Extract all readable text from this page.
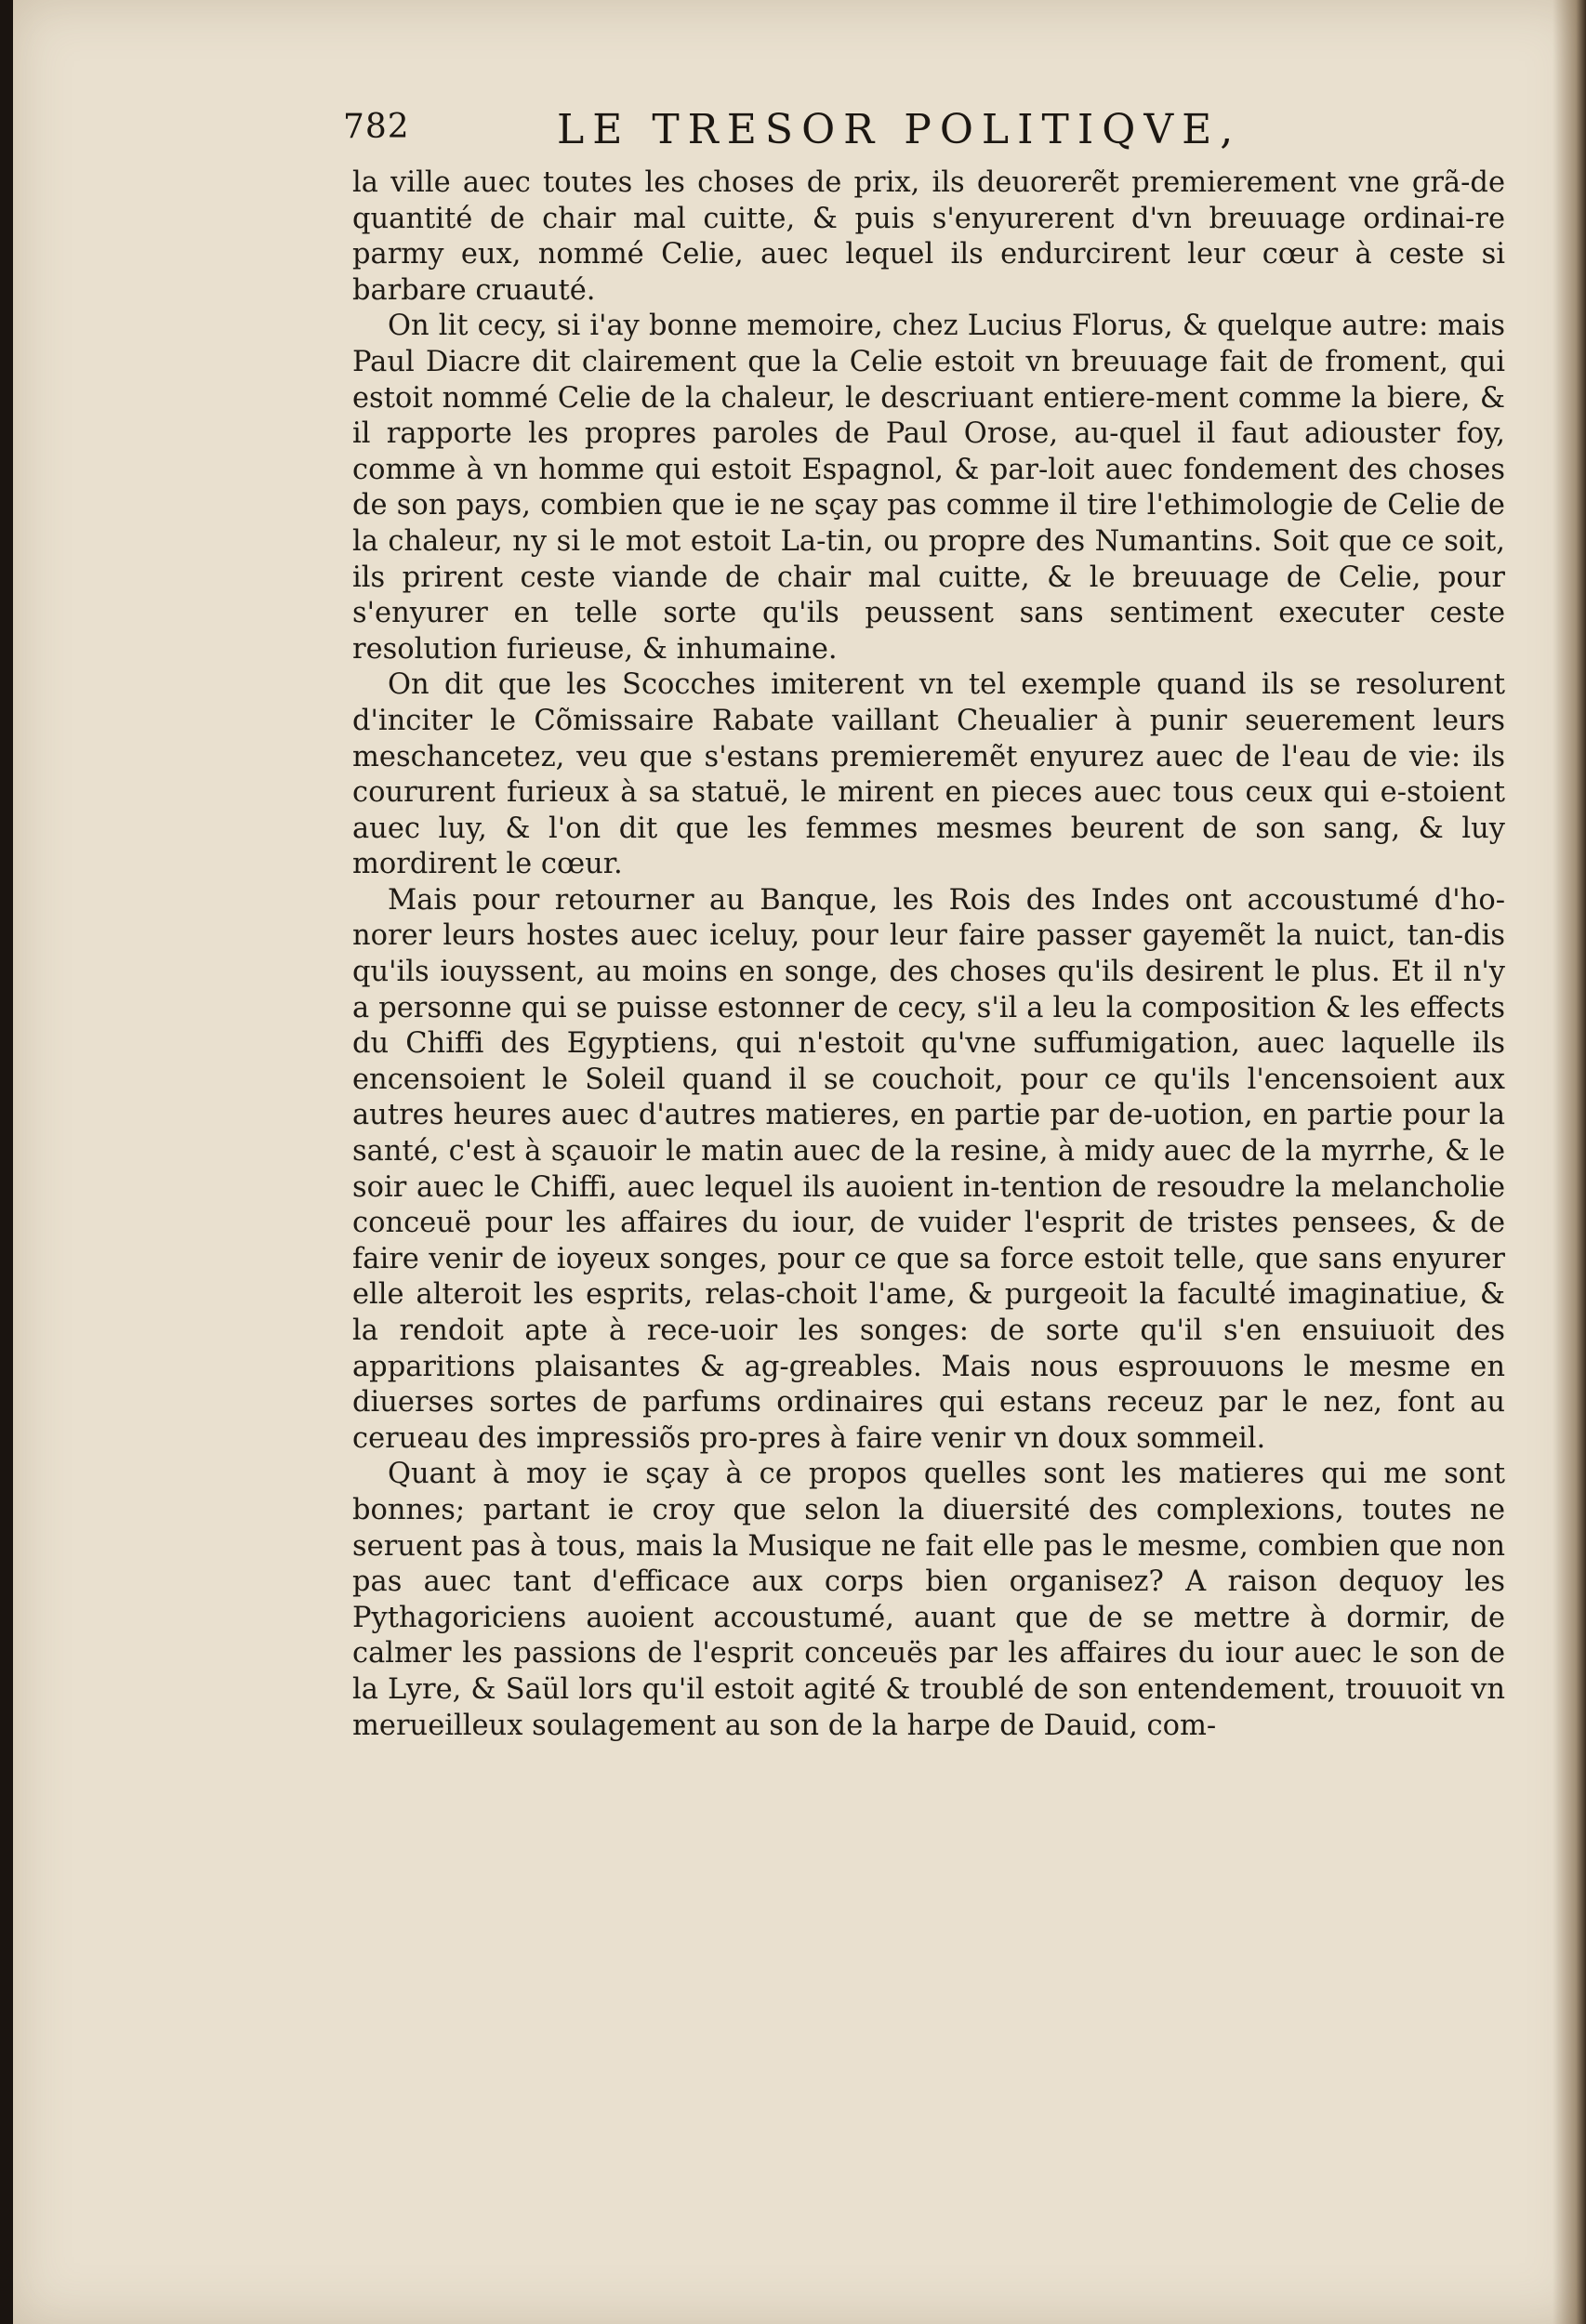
782	LE TRESOR POLITIQVE,

la ville auec toutes les choses de prix, ils deuorerẽt premierement vne grã-de quantité de chair mal cuitte, & puis s'enyurerent d'vn breuuage ordinai-re parmy eux, nommé Celie, auec lequel ils endurcirent leur cœur à ceste si barbare cruauté.

On lit cecy, si i'ay bonne memoire, chez Lucius Florus, & quelque autre: mais Paul Diacre dit clairement que la Celie estoit vn breuuage fait de froment, qui estoit nommé Celie de la chaleur, le descriuant entiere-ment comme la biere, & il rapporte les propres paroles de Paul Orose, au-quel il faut adiouster foy, comme à vn homme qui estoit Espagnol, & par-loit auec fondement des choses de son pays, combien que ie ne sçay pas comme il tire l'ethimologie de Celie de la chaleur, ny si le mot estoit La-tin, ou propre des Numantins. Soit que ce soit, ils prirent ceste viande de chair mal cuitte, & le breuuage de Celie, pour s'enyurer en telle sorte qu'ils peussent sans sentiment executer ceste resolution furieuse, & inhumaine.

On dit que les Scocches imiterent vn tel exemple quand ils se resolurent d'inciter le Cõmissaire Rabate vaillant Cheualier à punir seuerement leurs meschancetez, veu que s'estans premieremẽt enyurez auec de l'eau de vie: ils coururent furieux à sa statuë, le mirent en pieces auec tous ceux qui e-stoient auec luy, & l'on dit que les femmes mesmes beurent de son sang, & luy mordirent le cœur.

Mais pour retourner au Banque, les Rois des Indes ont accoustumé d'ho-norer leurs hostes auec iceluy, pour leur faire passer gayemẽt la nuict, tan-dis qu'ils iouyssent, au moins en songe, des choses qu'ils desirent le plus. Et il n'y a personne qui se puisse estonner de cecy, s'il a leu la composition & les effects du Chiffi des Egyptiens, qui n'estoit qu'vne suffumigation, auec laquelle ils encensoient le Soleil quand il se couchoit, pour ce qu'ils l'encensoient aux autres heures auec d'autres matieres, en partie par de-uotion, en partie pour la santé, c'est à sçauoir le matin auec de la resine, à midy auec de la myrrhe, & le soir auec le Chiffi, auec lequel ils auoient in-tention de resoudre la melancholie conceuë pour les affaires du iour, de vuider l'esprit de tristes pensees, & de faire venir de ioyeux songes, pour ce que sa force estoit telle, que sans enyurer elle alteroit les esprits, relas-choit l'ame, & purgeoit la faculté imaginatiue, & la rendoit apte à rece-uoir les songes: de sorte qu'il s'en ensuiuoit des apparitions plaisantes & ag-greables. Mais nous esprouuons le mesme en diuerses sortes de parfums ordinaires qui estans receuz par le nez, font au cerueau des impressiõs pro-pres à faire venir vn doux sommeil.

Quant à moy ie sçay à ce propos quelles sont les matieres qui me sont bonnes; partant ie croy que selon la diuersité des complexions, toutes ne seruent pas à tous, mais la Musique ne fait elle pas le mesme, combien que non pas auec tant d'efficace aux corps bien organisez? A raison dequoy les Pythagoriciens auoient accoustumé, auant que de se mettre à dormir, de calmer les passions de l'esprit conceuës par les affaires du iour auec le son de la Lyre, & Saül lors qu'il estoit agité & troublé de son entendement, trouuoit vn merueilleux soulagement au son de la harpe de Dauid, com-
